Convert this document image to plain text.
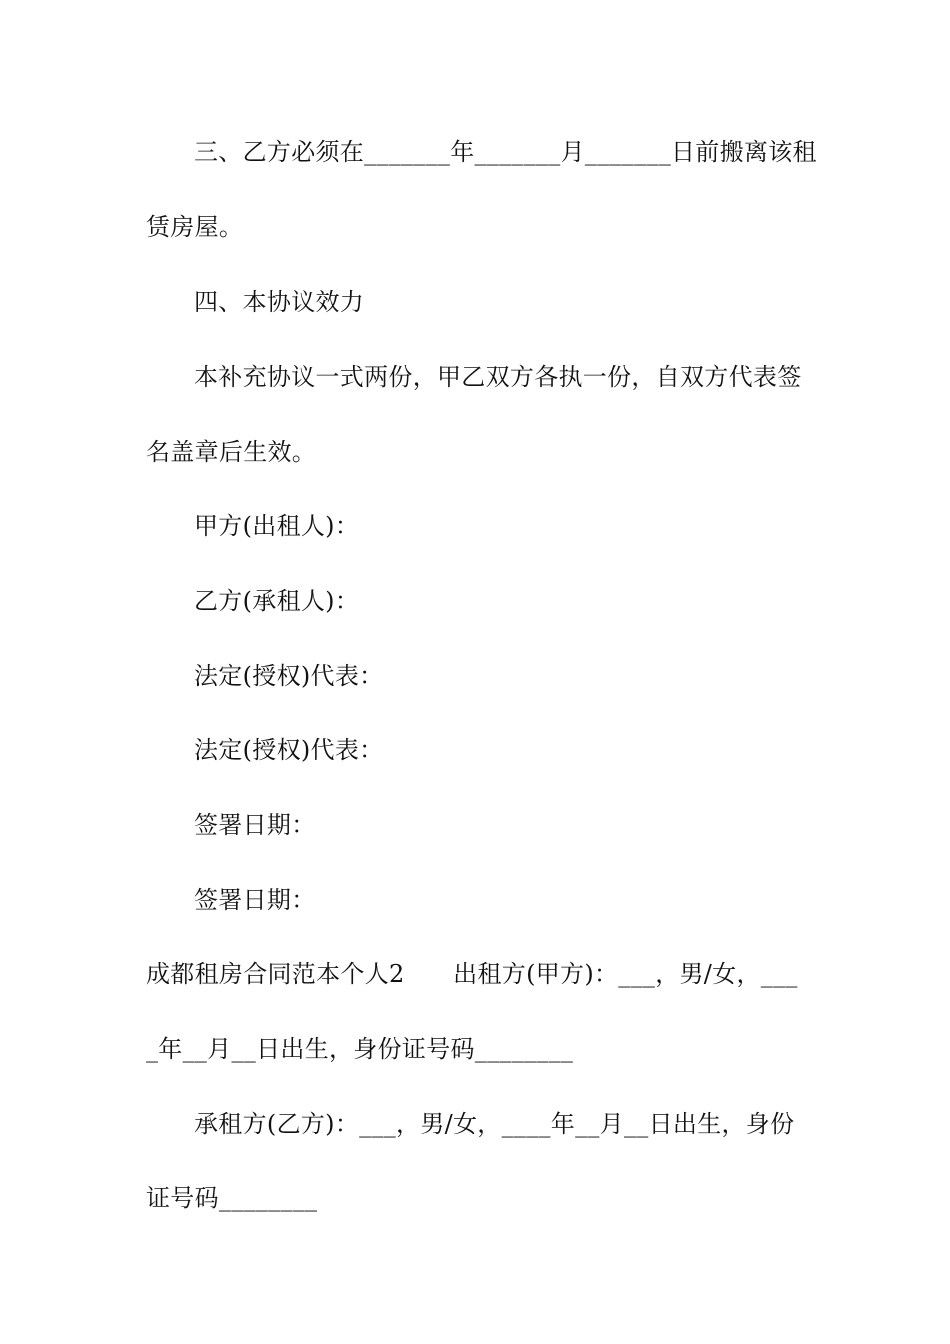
三、乙方必须在_______年_______月_______日前搬离该租
赁房屋。
四、本协议效力
本补充协议一式两份，甲乙双方各执一份，自双方代表签
名盖章后生效。
甲方(出租人)：
乙方(承租人)：
法定(授权)代表：
法定(授权)代表：
签署日期：
签署日期：
成都租房合同范本个人2　　出租方(甲方)：___，男/女，___
_年__月__日出生，身份证号码________
承租方(乙方)：___，男/女，____年__月__日出生，身份
证号码________
